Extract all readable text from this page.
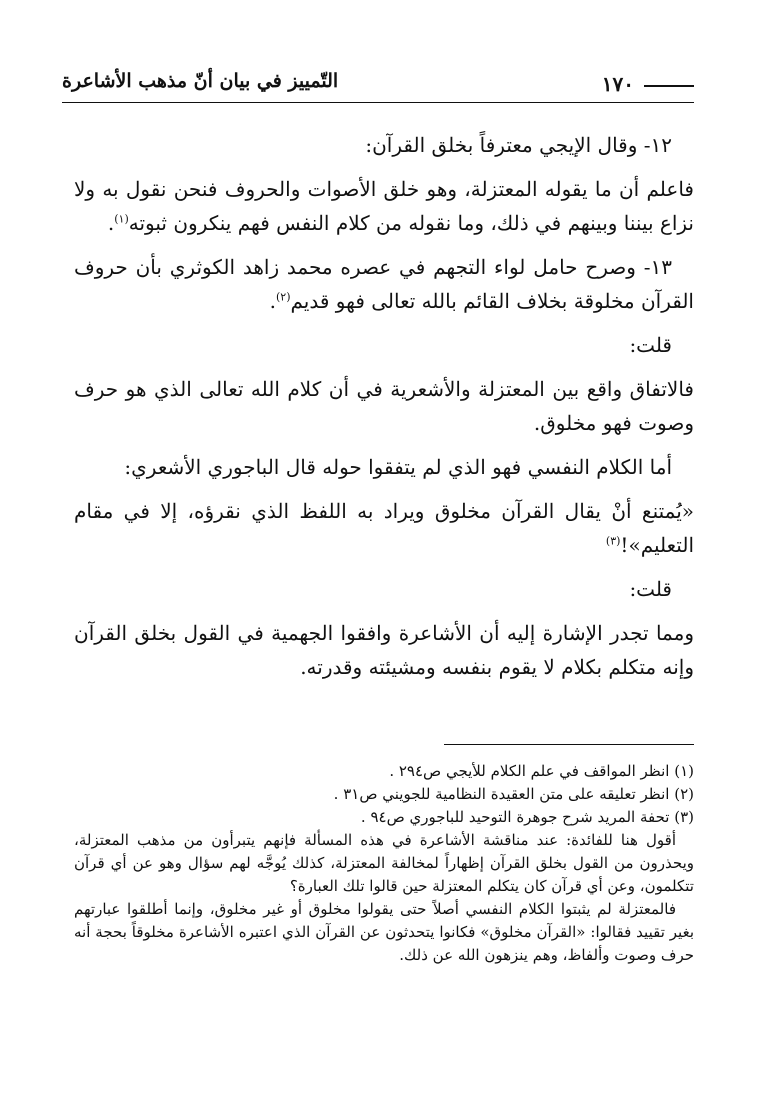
التّمييز في بيان أنّ مذهب الأشاعرة	١٧٠

١٢- وقال الإيجي معترفاً بخلق القرآن:

فاعلم أن ما يقوله المعتزلة، وهو خلق الأصوات والحروف فنحن نقول به ولا نزاع بيننا وبينهم في ذلك، وما نقوله من كلام النفس فهم ينكرون ثبوته$^{(١)}$.

١٣- وصرح حامل لواء التجهم في عصره محمد زاهد الكوثري بأن حروف القرآن مخلوقة بخلاف القائم بالله تعالى فهو قديم$^{(٢)}$.

قلت:

فالاتفاق واقع بين المعتزلة والأشعرية في أن كلام الله تعالى الذي هو حرف وصوت فهو مخلوق.

أما الكلام النفسي فهو الذي لم يتفقوا حوله قال الباجوري الأشعري:

«يُمتنع أنْ يقال القرآن مخلوق ويراد به اللفظ الذي نقرؤه، إلا في مقام التعليم»!$^{(٣)}$

قلت:

ومما تجدر الإشارة إليه أن الأشاعرة وافقوا الجهمية في القول بخلق القرآن وإنه متكلم بكلام لا يقوم بنفسه ومشيئته وقدرته.

(١) انظر المواقف في علم الكلام للأيجي ص٢٩٤ .

(٢) انظر تعليقه على متن العقيدة النظامية للجويني ص٣١ .

(٣) تحفة المريد شرح جوهرة التوحيد للباجوري ص٩٤ .

أقول هنا للفائدة: عند مناقشة الأشاعرة في هذه المسألة فإنهم يتبرأون من مذهب المعتزلة، ويحذرون من القول بخلق القرآن إظهاراً لمخالفة المعتزلة، كذلك يُوجَّه لهم سؤال وهو عن أي قرآن تتكلمون، وعن أي قرآن كان يتكلم المعتزلة حين قالوا تلك العبارة؟

فالمعتزلة لم يثبتوا الكلام النفسي أصلاً حتى يقولوا مخلوق أو غير مخلوق، وإنما أطلقوا عبارتهم بغير تقييد فقالوا: «القرآن مخلوق» فكانوا يتحدثون عن القرآن الذي اعتبره الأشاعرة مخلوقاً بحجة أنه حرف وصوت وألفاظ، وهم ينزهون الله عن ذلك.
